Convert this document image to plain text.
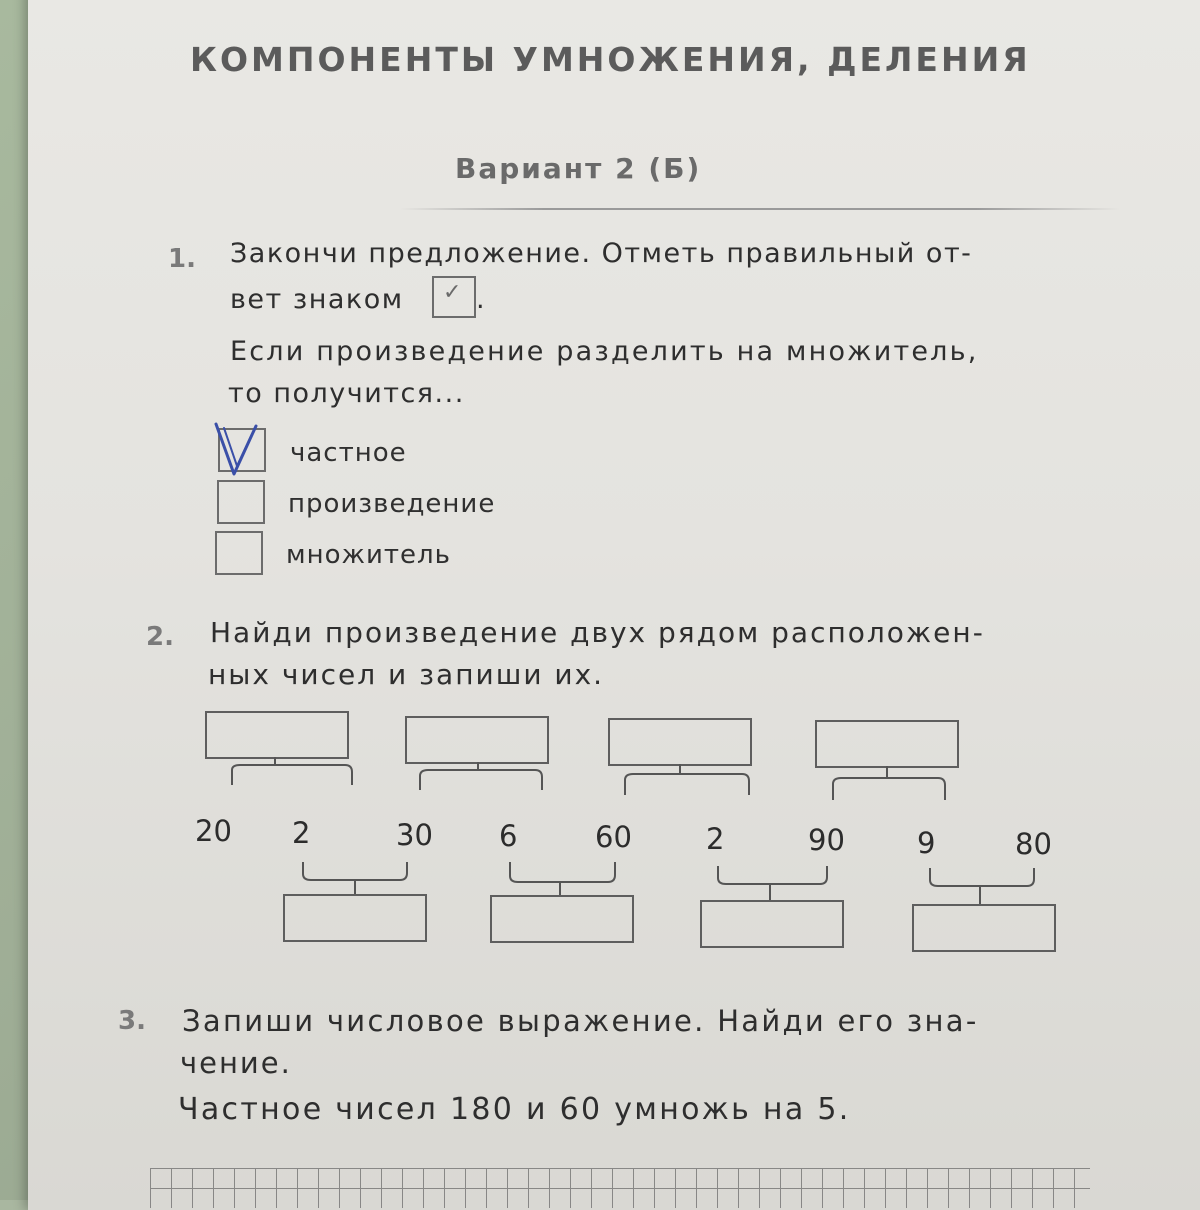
КОМПОНЕНТЫ УМНОЖЕНИЯ, ДЕЛЕНИЯ
Вариант 2 (Б)
1. Закончи предложение. Отметь правильный от-
вет знаком ✓ .
Если произведение разделить на множитель,
то получится...
частное
произведение
множитель
2. Найди произведение двух рядом расположен-
ных чисел и запиши их.
20 2	30 6	60	2	90 9	80
3. Запиши числовое выражение. Найди его зна-
чение.
Частное чисел 180 и 60 умножь на 5.
